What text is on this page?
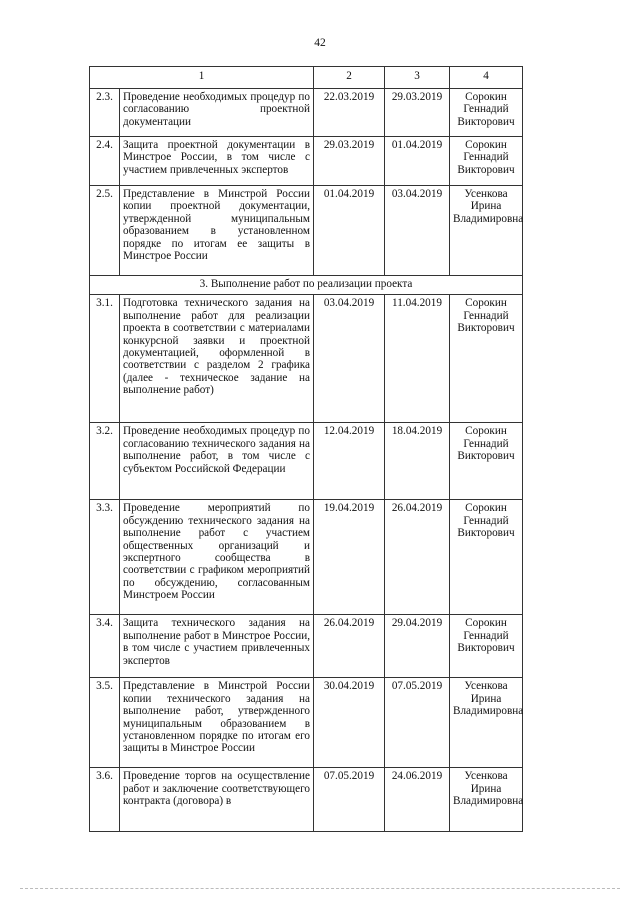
42
1		2	3	4
2.3.	Проведение необходимых процедур по согласованию проектной документации	22.03.2019	29.03.2019	Сорокин Геннадий Викторович
2.4.	Защита проектной документации в Минстрое России, в том числе с участием привлеченных экспертов	29.03.2019	01.04.2019	Сорокин Геннадий Викторович
2.5.	Представление в Минстрой России копии проектной документации, утвержденной муниципальным образованием в установленном порядке по итогам ее защиты в Минстрое России	01.04.2019	03.04.2019	Усенкова Ирина Владимировна
3. Выполнение работ по реализации проекта				
3.1.	Подготовка технического задания на выполнение работ для реализации проекта в соответствии с материалами конкурсной заявки и проектной документацией, оформленной в соответствии с разделом 2 графика (далее - техническое задание на выполнение работ)	03.04.2019	11.04.2019	Сорокин Геннадий Викторович
3.2.	Проведение необходимых процедур по согласованию технического задания на выполнение работ, в том числе с субъектом Российской Федерации	12.04.2019	18.04.2019	Сорокин Геннадий Викторович
3.3.	Проведение мероприятий по обсуждению технического задания на выполнение работ с участием общественных организаций и экспертного сообщества в соответствии с графиком мероприятий по обсуждению, согласованным Минстроем России	19.04.2019	26.04.2019	Сорокин Геннадий Викторович
3.4.	Защита технического задания на выполнение работ в Минстрое России, в том числе с участием привлеченных экспертов	26.04.2019	29.04.2019	Сорокин Геннадий Викторович
3.5.	Представление в Минстрой России копии технического задания на выполнение работ, утвержденного муниципальным образованием в установленном порядке по итогам его защиты в Минстрое России	30.04.2019	07.05.2019	Усенкова Ирина Владимировна
3.6.	Проведение торгов на осуществление работ и заключение соответствующего контракта (договора) в	07.05.2019	24.06.2019	Усенкова Ирина Владимировна
